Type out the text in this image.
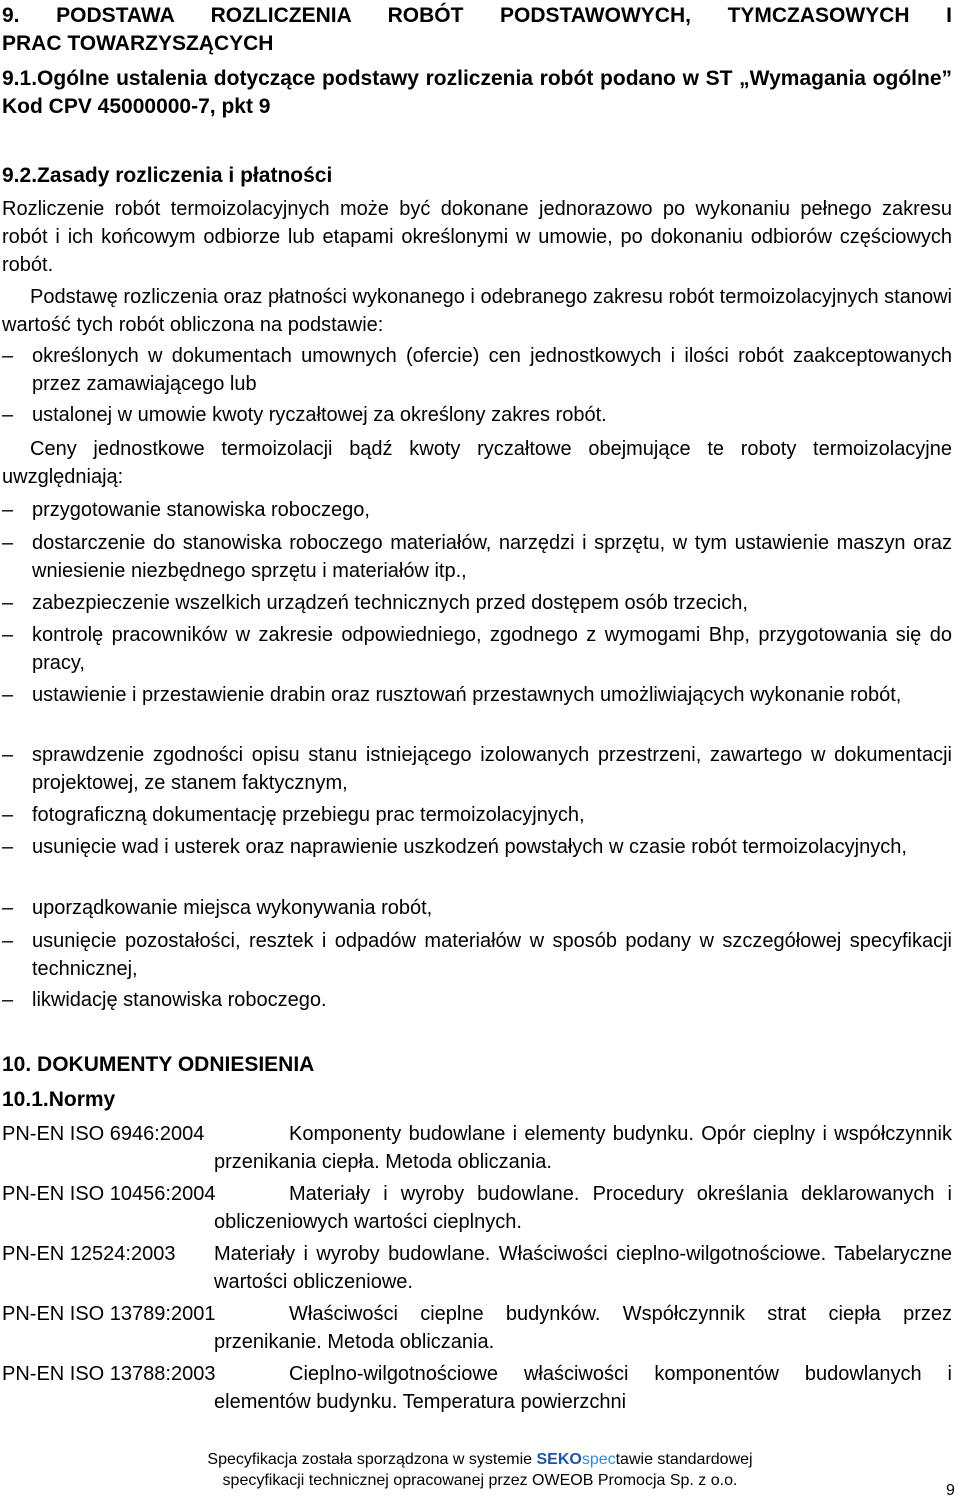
9.  PODSTAWA  ROZLICZENIA  ROBÓT  PODSTAWOWYCH,  TYMCZASOWYCH  I
PRAC TOWARZYSZĄCYCH
9.1.Ogólne ustalenia dotyczące podstawy rozliczenia robót podano w ST „Wymagania ogólne” Kod CPV 45000000-7, pkt 9
9.2.Zasady rozliczenia i płatności
Rozliczenie robót termoizolacyjnych może być dokonane jednorazowo po wykonaniu pełnego zakresu robót i ich końcowym odbiorze lub etapami określonymi w umowie, po dokonaniu odbiorów częściowych robót.
Podstawę rozliczenia oraz płatności wykonanego i odebranego zakresu robót termoizolacyjnych stanowi wartość tych robót obliczona na podstawie:
– określonych w dokumentach umownych (ofercie) cen jednostkowych i ilości robót zaakceptowanych przez zamawiającego lub
– ustalonej w umowie kwoty ryczałtowej za określony zakres robót.
Ceny jednostkowe termoizolacji bądź kwoty ryczałtowe obejmujące te roboty termoizolacyjne uwzględniają:
– przygotowanie stanowiska roboczego,
– dostarczenie do stanowiska roboczego materiałów, narzędzi i sprzętu, w tym ustawienie maszyn oraz wniesienie niezbędnego sprzętu i materiałów itp.,
– zabezpieczenie wszelkich urządzeń technicznych przed dostępem osób trzecich,
– kontrolę pracowników w zakresie odpowiedniego, zgodnego z wymogami Bhp, przygotowania się do pracy,
– ustawienie i przestawienie drabin oraz rusztowań przestawnych umożliwiających wykonanie robót,
– sprawdzenie zgodności opisu stanu istniejącego izolowanych przestrzeni, zawartego w dokumentacji projektowej, ze stanem faktycznym,
– fotograficzną dokumentację przebiegu prac termoizolacyjnych,
– usunięcie wad i usterek oraz naprawienie uszkodzeń powstałych w czasie robót termoizolacyjnych,
– uporządkowanie miejsca wykonywania robót,
– usunięcie pozostałości, resztek i odpadów materiałów w sposób podany w szczegółowej specyfikacji technicznej,
– likwidację stanowiska roboczego.
10. DOKUMENTY ODNIESIENIA
10.1.Normy
PN-EN ISO 6946:2004	Komponenty budowlane i elementy budynku. Opór cieplny i współczynnik przenikania ciepła. Metoda obliczania.
PN-EN ISO 10456:2004	Materiały i wyroby budowlane. Procedury określania deklarowanych i obliczeniowych wartości cieplnych.
PN-EN 12524:2003 Materiały i wyroby budowlane. Właściwości cieplno-wilgotnościowe. Tabelaryczne wartości obliczeniowe.
PN-EN ISO 13789:2001	Właściwości cieplne budynków. Współczynnik strat ciepła przez przenikanie. Metoda obliczania.
PN-EN ISO 13788:2003	Cieplno-wilgotnościowe właściwości komponentów budowlanych i elementów budynku. Temperatura powierzchni
Specyfikacja została sporządzona w systemie SEKOspectawie standardowej
specyfikacji technicznej opracowanej przez OWEOB Promocja Sp. z o.o.
9
